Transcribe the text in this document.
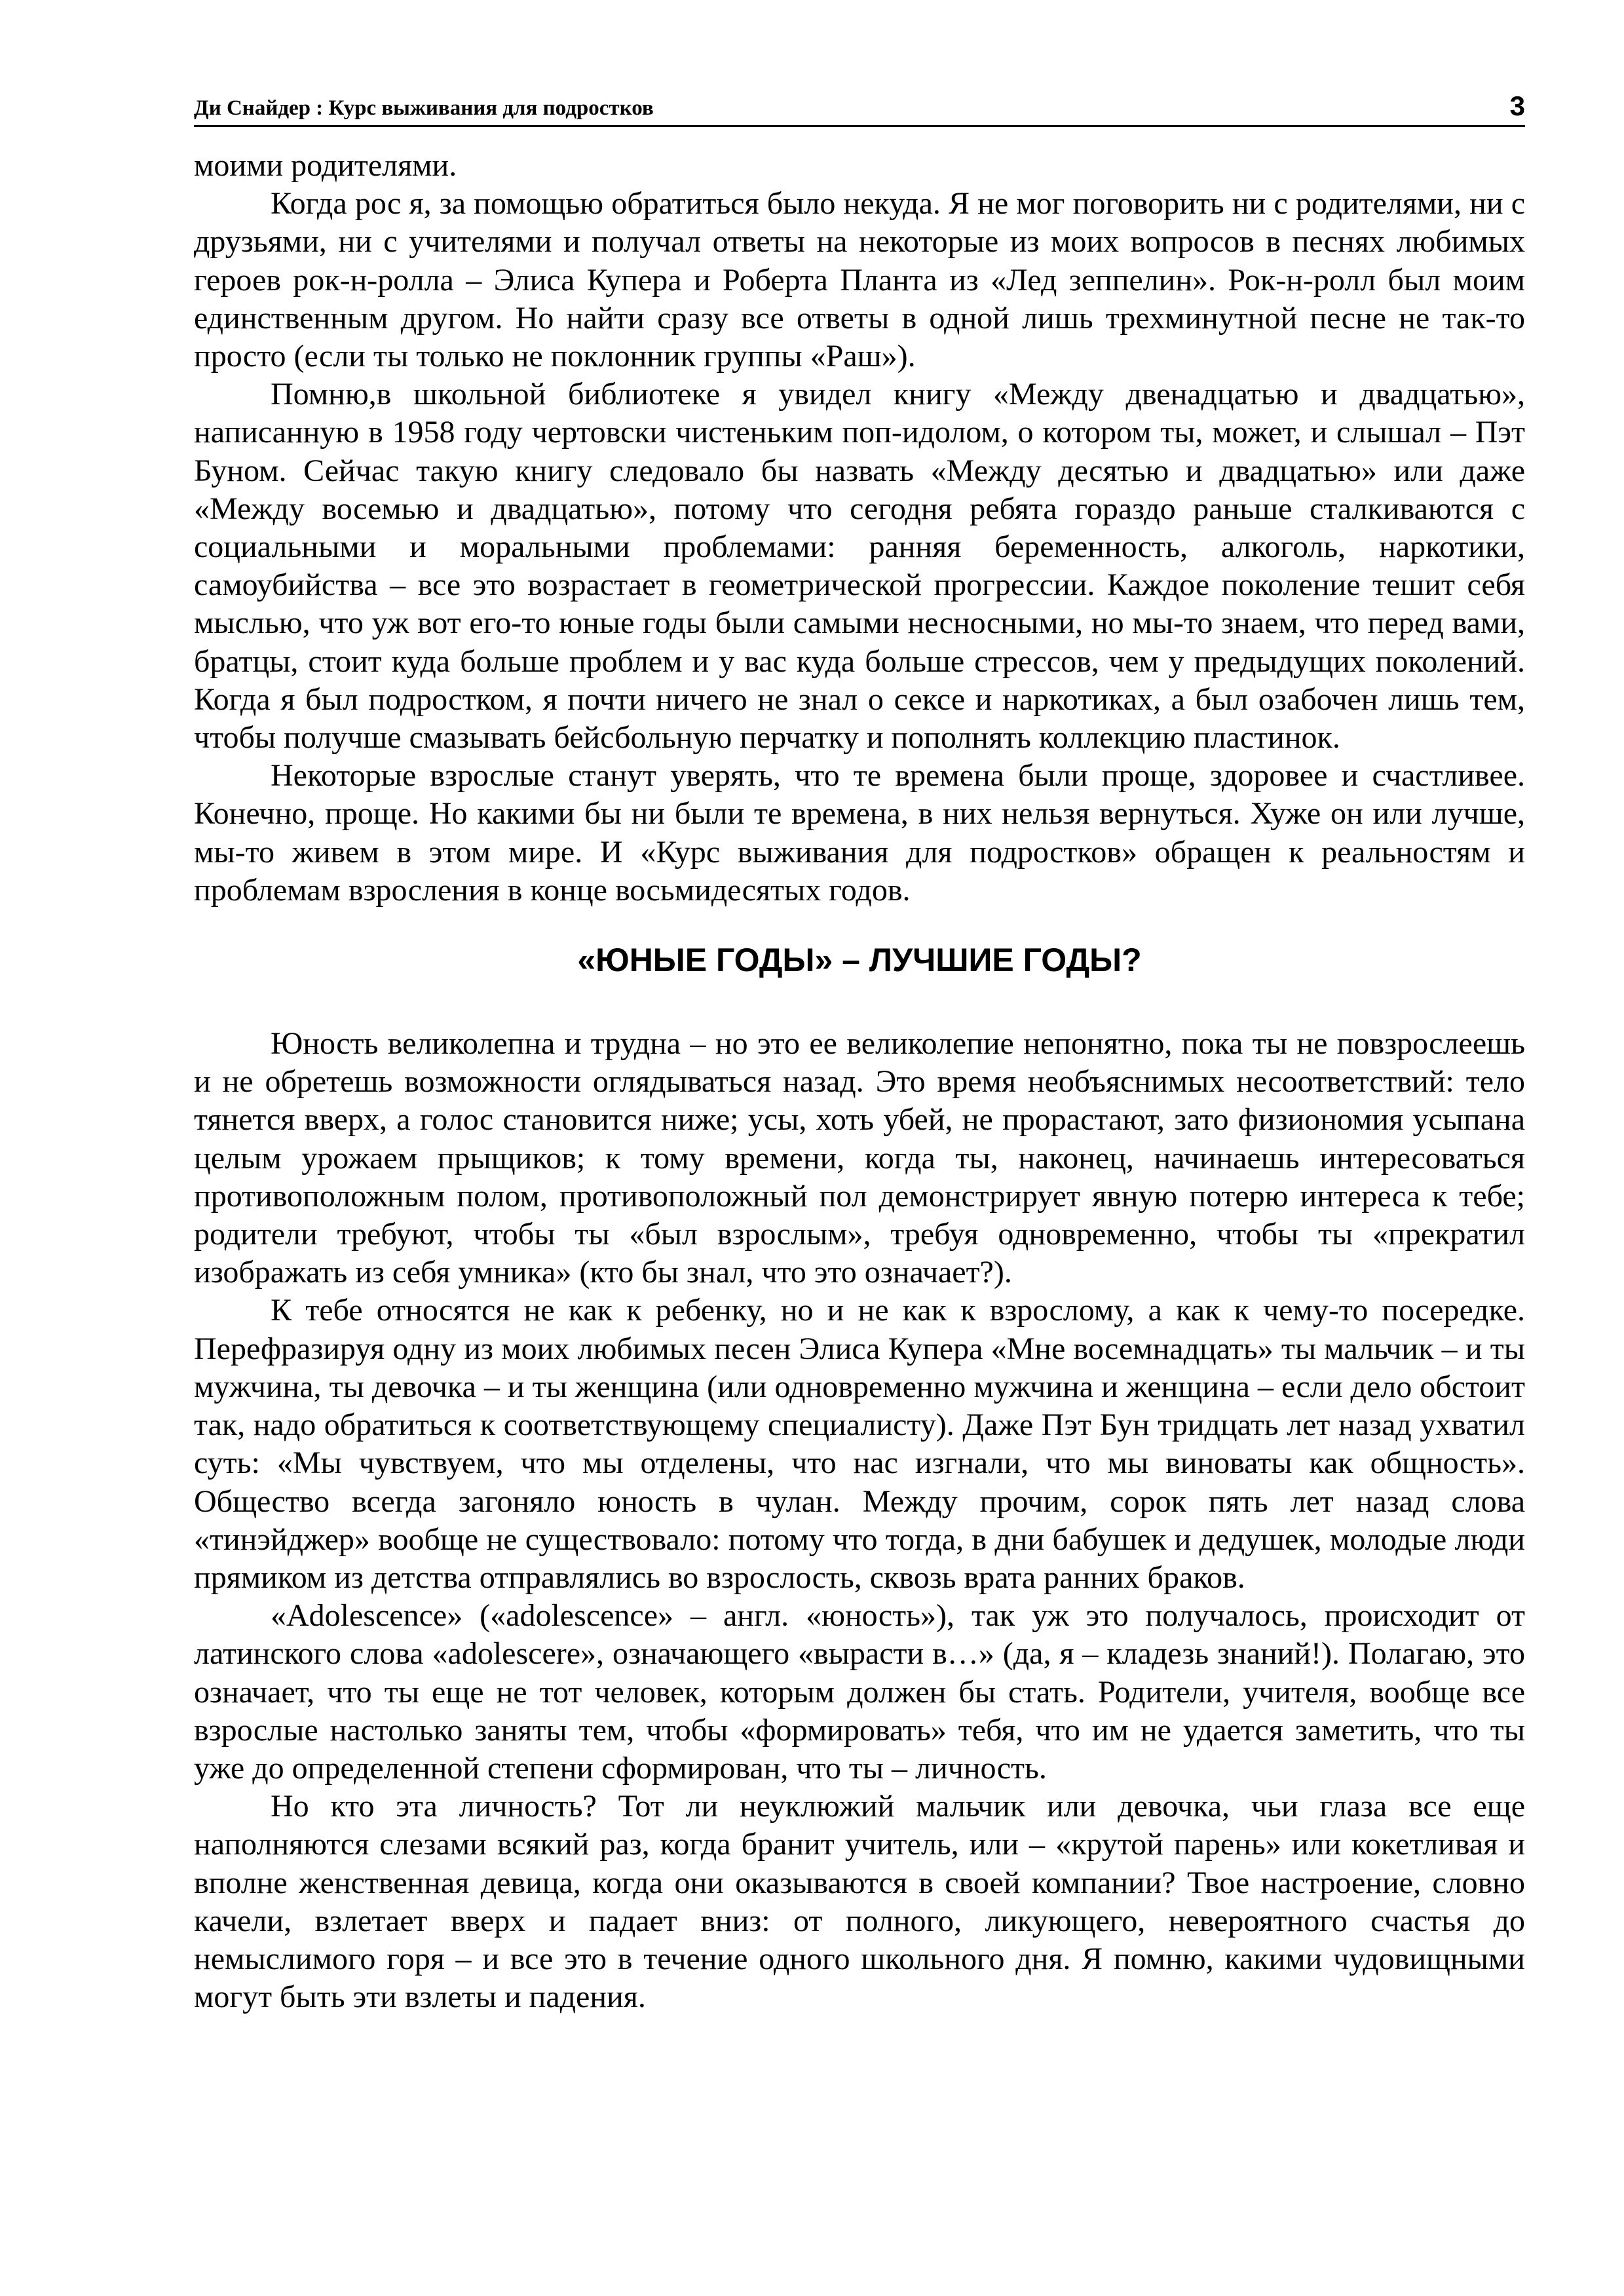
Ди Снайдер : Курс выживания для подростков	3

моими родителями.

Когда рос я, за помощью обратиться было некуда. Я не мог поговорить ни с родителями, ни с друзьями, ни с учителями и получал ответы на некоторые из моих вопросов в песнях любимых героев рок-н-ролла – Элиса Купера и Роберта Планта из «Лед зеппелин». Рок-н-ролл был моим единственным другом. Но найти сразу все ответы в одной лишь трехминутной песне не так-то просто (если ты только не поклонник группы «Раш»).

Помню,в школьной библиотеке я увидел книгу «Между двенадцатью и двадцатью», написанную в 1958 году чертовски чистеньким поп-идолом, о котором ты, может, и слышал – Пэт Буном. Сейчас такую книгу следовало бы назвать «Между десятью и двадцатью» или даже «Между восемью и двадцатью», потому что сегодня ребята гораздо раньше сталкиваются с социальными и моральными проблемами: ранняя беременность, алкоголь, наркотики, самоубийства – все это возрастает в геометрической прогрессии. Каждое поколение тешит себя мыслью, что уж вот его-то юные годы были самыми несносными, но мы-то знаем, что перед вами, братцы, стоит куда больше проблем и у вас куда больше стрессов, чем у предыдущих поколений. Когда я был подростком, я почти ничего не знал о сексе и наркотиках, а был озабочен лишь тем, чтобы получше смазывать бейсбольную перчатку и пополнять коллекцию пластинок.

Некоторые взрослые станут уверять, что те времена были проще, здоровее и счастливее. Конечно, проще. Но какими бы ни были те времена, в них нельзя вернуться. Хуже он или лучше, мы-то живем в этом мире. И «Курс выживания для подростков» обращен к реальностям и проблемам взросления в конце восьмидесятых годов.

«ЮНЫЕ ГОДЫ» – ЛУЧШИЕ ГОДЫ?

Юность великолепна и трудна – но это ее великолепие непонятно, пока ты не повзрослеешь и не обретешь возможности оглядываться назад. Это время необъяснимых несоответствий: тело тянется вверх, а голос становится ниже; усы, хоть убей, не прорастают, зато физиономия усыпана целым урожаем прыщиков; к тому времени, когда ты, наконец, начинаешь интересоваться противоположным полом, противоположный пол демонстрирует явную потерю интереса к тебе; родители требуют, чтобы ты «был взрослым», требуя одновременно, чтобы ты «прекратил изображать из себя умника» (кто бы знал, что это означает?).

К тебе относятся не как к ребенку, но и не как к взрослому, а как к чему-то посередке. Перефразируя одну из моих любимых песен Элиса Купера «Мне восемнадцать» ты мальчик – и ты мужчина, ты девочка – и ты женщина (или одновременно мужчина и женщина – если дело обстоит так, надо обратиться к соответствующему специалисту). Даже Пэт Бун тридцать лет назад ухватил суть: «Мы чувствуем, что мы отделены, что нас изгнали, что мы виноваты как общность». Общество всегда загоняло юность в чулан. Между прочим, сорок пять лет назад слова «тинэйджер» вообще не существовало: потому что тогда, в дни бабушек и дедушек, молодые люди прямиком из детства отправлялись во взрослость, сквозь врата ранних браков.

«Adolescence» («adolescence» – англ. «юность»), так уж это получалось, происходит от латинского слова «adolescere», означающего «вырасти в…» (да, я – кладезь знаний!). Полагаю, это означает, что ты еще не тот человек, которым должен бы стать. Родители, учителя, вообще все взрослые настолько заняты тем, чтобы «формировать» тебя, что им не удается заметить, что ты уже до определенной степени сформирован, что ты – личность.

Но кто эта личность? Тот ли неуклюжий мальчик или девочка, чьи глаза все еще наполняются слезами всякий раз, когда бранит учитель, или – «крутой парень» или кокетливая и вполне женственная девица, когда они оказываются в своей компании? Твое настроение, словно качели, взлетает вверх и падает вниз: от полного, ликующего, невероятного счастья до немыслимого горя – и все это в течение одного школьного дня. Я помню, какими чудовищными могут быть эти взлеты и падения.
